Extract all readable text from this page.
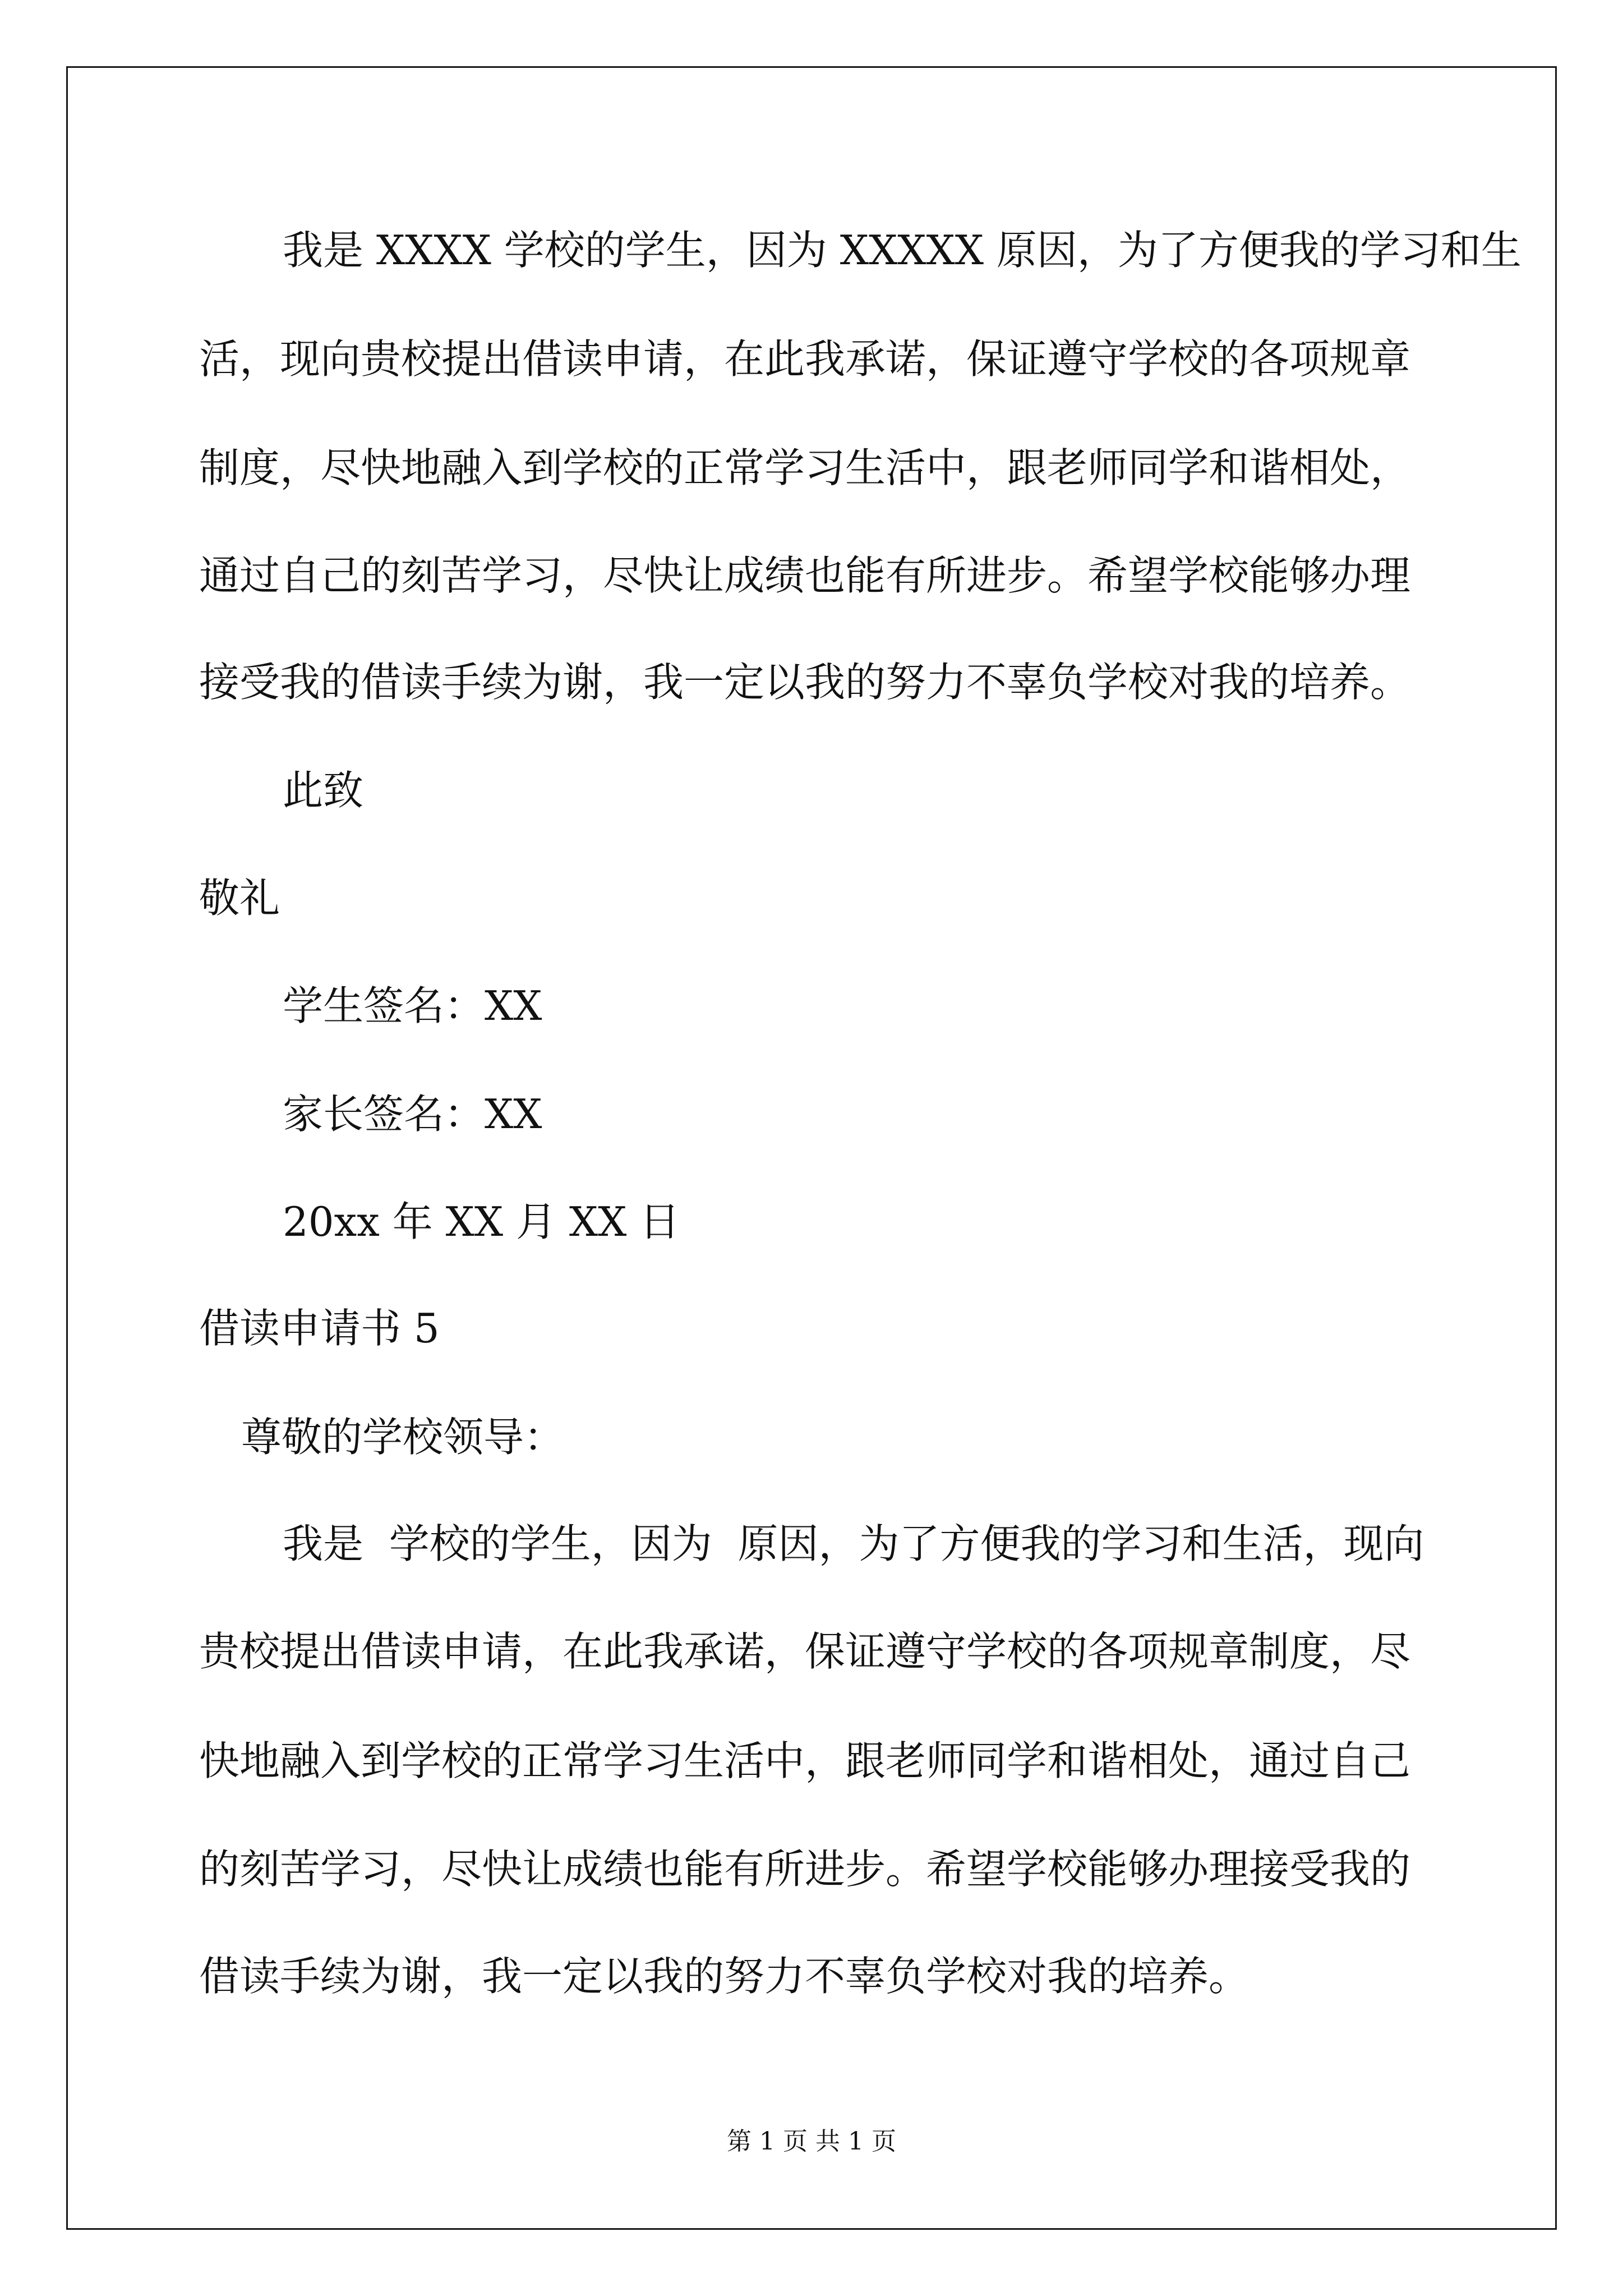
我是 XXXX 学校的学生，因为 XXXXX 原因，为了方便我的学习和生

活，现向贵校提出借读申请，在此我承诺，保证遵守学校的各项规章

制度，尽快地融入到学校的正常学习生活中，跟老师同学和谐相处，

通过自己的刻苦学习，尽快让成绩也能有所进步。希望学校能够办理

接受我的借读手续为谢，我一定以我的努力不辜负学校对我的培养。

此致

敬礼

学生签名：XX

家长签名：XX

20xx 年 XX 月 XX 日

借读申请书 5

尊敬的学校领导：

我是  学校的学生，因为  原因，为了方便我的学习和生活，现向

贵校提出借读申请，在此我承诺，保证遵守学校的各项规章制度，尽

快地融入到学校的正常学习生活中，跟老师同学和谐相处，通过自己

的刻苦学习，尽快让成绩也能有所进步。希望学校能够办理接受我的

借读手续为谢，我一定以我的努力不辜负学校对我的培养。

第 1 页 共 1 页
